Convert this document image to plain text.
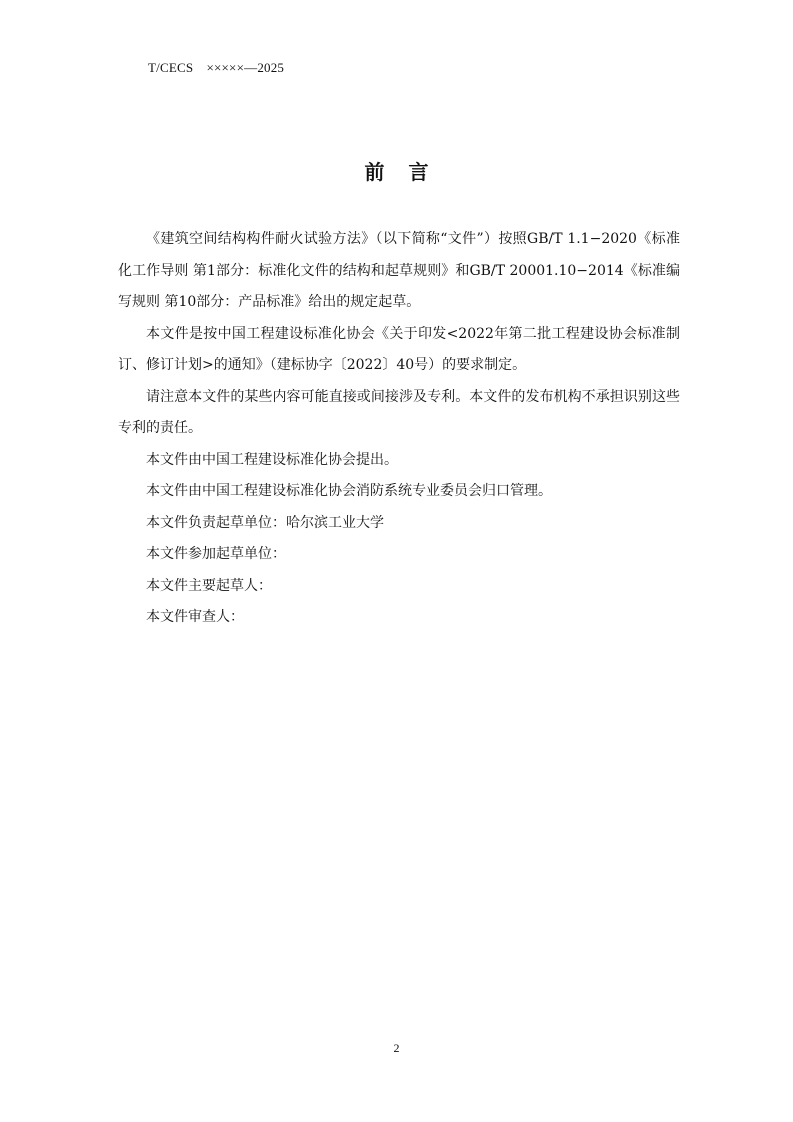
T/CECS　×××××—2025
前言

《建筑空间结构构件耐火试验方法》（以下简称“文件”）按照GB/T 1.1−2020《标准化工作导则 第1部分：标准化文件的结构和起草规则》和GB/T 20001.10−2014《标准编写规则 第10部分：产品标准》给出的规定起草。

本文件是按中国工程建设标准化协会《关于印发<2022年第二批工程建设协会标准制订、修订计划>的通知》（建标协字〔2022〕40号）的要求制定。

请注意本文件的某些内容可能直接或间接涉及专利。本文件的发布机构不承担识别这些专利的责任。

本文件由中国工程建设标准化协会提出。

本文件由中国工程建设标准化协会消防系统专业委员会归口管理。

本文件负责起草单位：哈尔滨工业大学

本文件参加起草单位：

本文件主要起草人：

本文件审查人：

2
